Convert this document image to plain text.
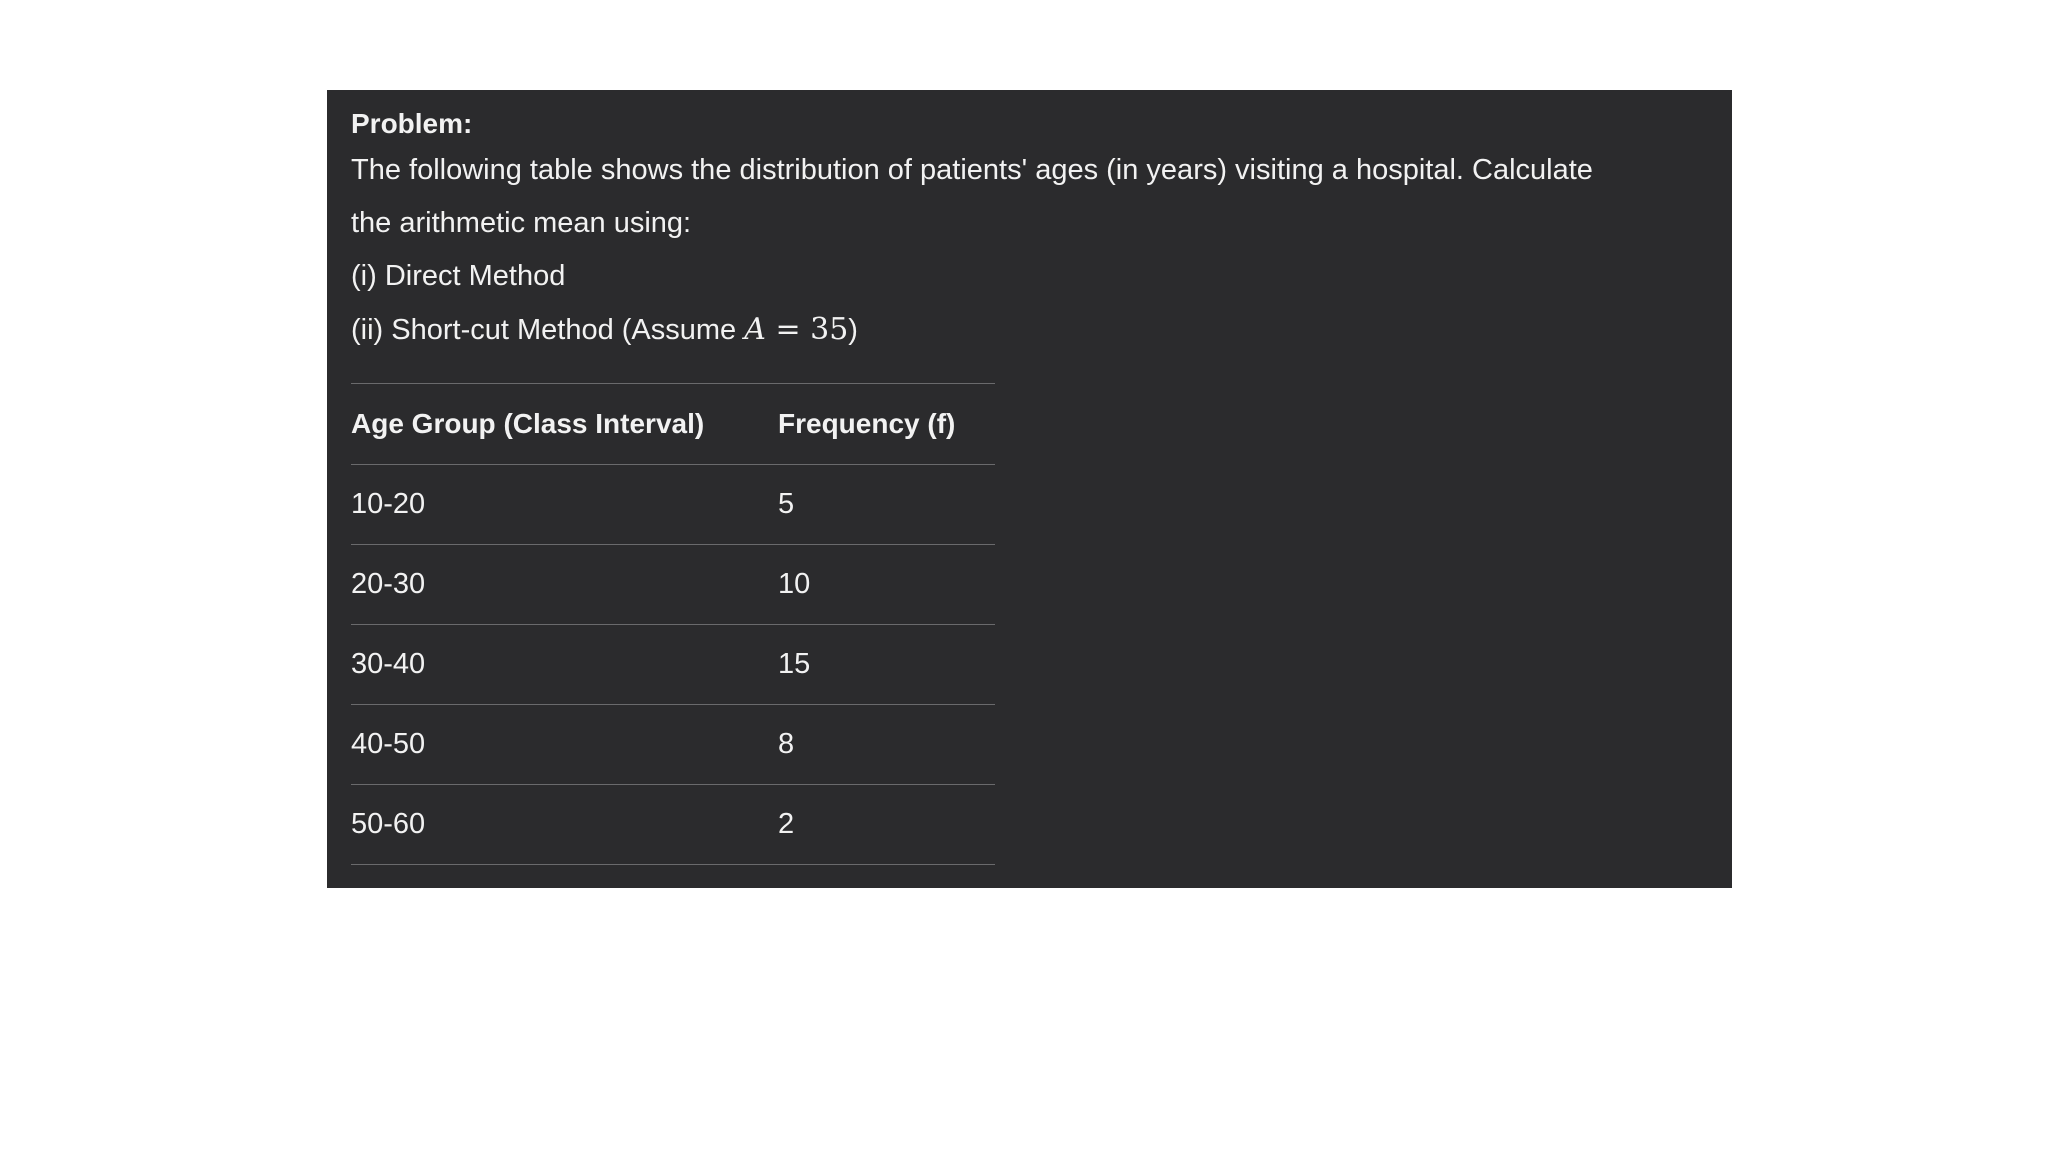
Problem:

The following table shows the distribution of patients' ages (in years) visiting a hospital. Calculate

the arithmetic mean using:

(i) Direct Method

(ii) Short-cut Method (Assume A = 35)

Age Group (Class Interval)	Frequency (f)
10-20	5
20-30	10
30-40	15
40-50	8
50-60	2
